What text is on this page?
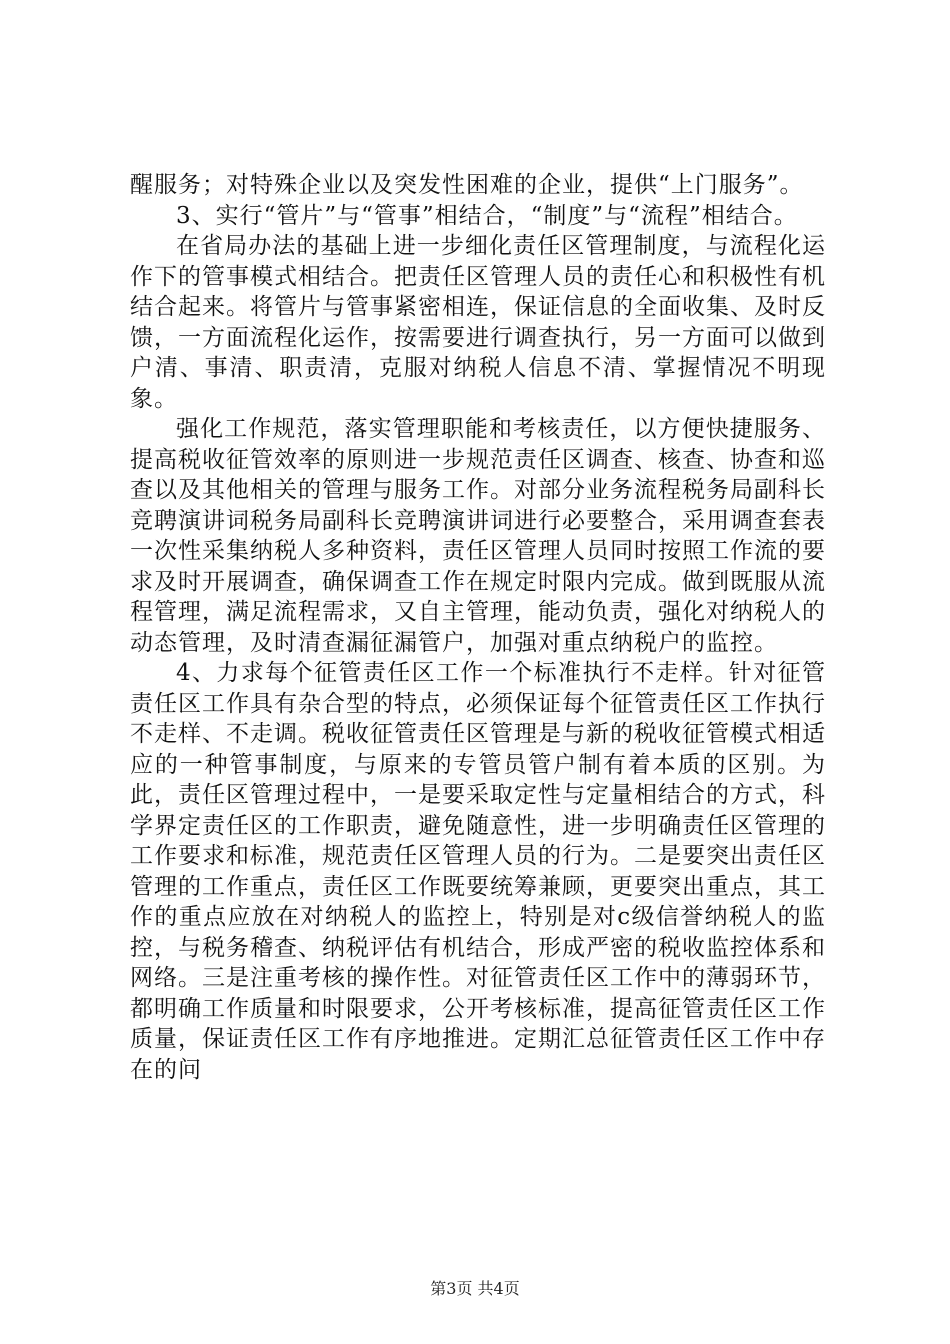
醒服务；对特殊企业以及突发性困难的企业，提供“上门服务”。

3、实行“管片”与“管事”相结合，“制度”与“流程”相结合。

在省局办法的基础上进一步细化责任区管理制度，与流程化运作下的管事模式相结合。把责任区管理人员的责任心和积极性有机结合起来。将管片与管事紧密相连，保证信息的全面收集、及时反馈，一方面流程化运作，按需要进行调查执行，另一方面可以做到户清、事清、职责清，克服对纳税人信息不清、掌握情况不明现象。

强化工作规范，落实管理职能和考核责任，以方便快捷服务、提高税收征管效率的原则进一步规范责任区调查、核查、协查和巡查以及其他相关的管理与服务工作。对部分业务流程税务局副科长竞聘演讲词税务局副科长竞聘演讲词进行必要整合，采用调查套表一次性采集纳税人多种资料，责任区管理人员同时按照工作流的要求及时开展调查，确保调查工作在规定时限内完成。做到既服从流程管理，满足流程需求，又自主管理，能动负责，强化对纳税人的动态管理，及时清查漏征漏管户，加强对重点纳税户的监控。

4、力求每个征管责任区工作一个标准执行不走样。针对征管责任区工作具有杂合型的特点，必须保证每个征管责任区工作执行不走样、不走调。税收征管责任区管理是与新的税收征管模式相适应的一种管事制度，与原来的专管员管户制有着本质的区别。为此，责任区管理过程中，一是要采取定性与定量相结合的方式，科学界定责任区的工作职责，避免随意性，进一步明确责任区管理的工作要求和标准，规范责任区管理人员的行为。二是要突出责任区管理的工作重点，责任区工作既要统筹兼顾，更要突出重点，其工作的重点应放在对纳税人的监控上，特别是对c级信誉纳税人的监控，与税务稽查、纳税评估有机结合，形成严密的税收监控体系和网络。三是注重考核的操作性。对征管责任区工作中的薄弱环节，都明确工作质量和时限要求，公开考核标准，提高征管责任区工作质量，保证责任区工作有序地推进。定期汇总征管责任区工作中存在的问

第3页 共4页
